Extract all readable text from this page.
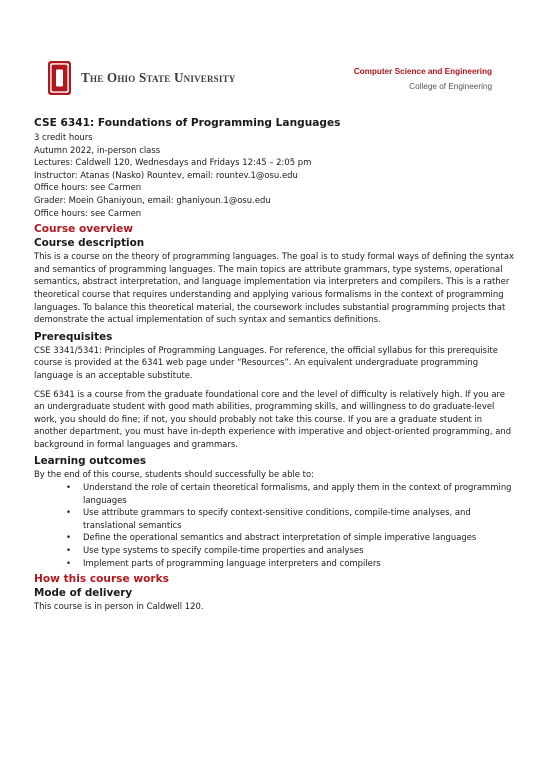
The Ohio State University	Computer Science and Engineering
College of Engineering
CSE 6341: Foundations of Programming Languages
3 credit hours
Autumn 2022, in-person class
Lectures: Caldwell 120, Wednesdays and Fridays 12:45 – 2:05 pm
Instructor: Atanas (Nasko) Rountev, email: rountev.1@osu.edu
Office hours: see Carmen
Grader: Moein Ghaniyoun, email: ghaniyoun.1@osu.edu
Office hours: see Carmen
Course overview
Course description

This is a course on the theory of programming languages. The goal is to study formal ways of defining the syntax and semantics of programming languages. The main topics are attribute grammars, type systems, operational semantics, abstract interpretation, and language implementation via interpreters and compilers. This is a rather theoretical course that requires understanding and applying various formalisms in the context of programming languages. To balance this theoretical material, the coursework includes substantial programming projects that demonstrate the actual implementation of such syntax and semantics definitions.

Prerequisites

CSE 3341/5341: Principles of Programming Languages. For reference, the official syllabus for this prerequisite course is provided at the 6341 web page under “Resources”. An equivalent undergraduate programming language is an acceptable substitute.

CSE 6341 is a course from the graduate foundational core and the level of difficulty is relatively high. If you are an undergraduate student with good math abilities, programming skills, and willingness to do graduate-level work, you should do fine; if not, you should probably not take this course. If you are a graduate student in another department, you must have in-depth experience with imperative and object-oriented programming, and background in formal languages and grammars.

Learning outcomes

By the end of this course, students should successfully be able to:

• Understand the role of certain theoretical formalisms, and apply them in the context of programming languages
• Use attribute grammars to specify context-sensitive conditions, compile-time analyses, and translational semantics
• Define the operational semantics and abstract interpretation of simple imperative languages
• Use type systems to specify compile-time properties and analyses
• Implement parts of programming language interpreters and compilers
How this course works
Mode of delivery

This course is in person in Caldwell 120.
